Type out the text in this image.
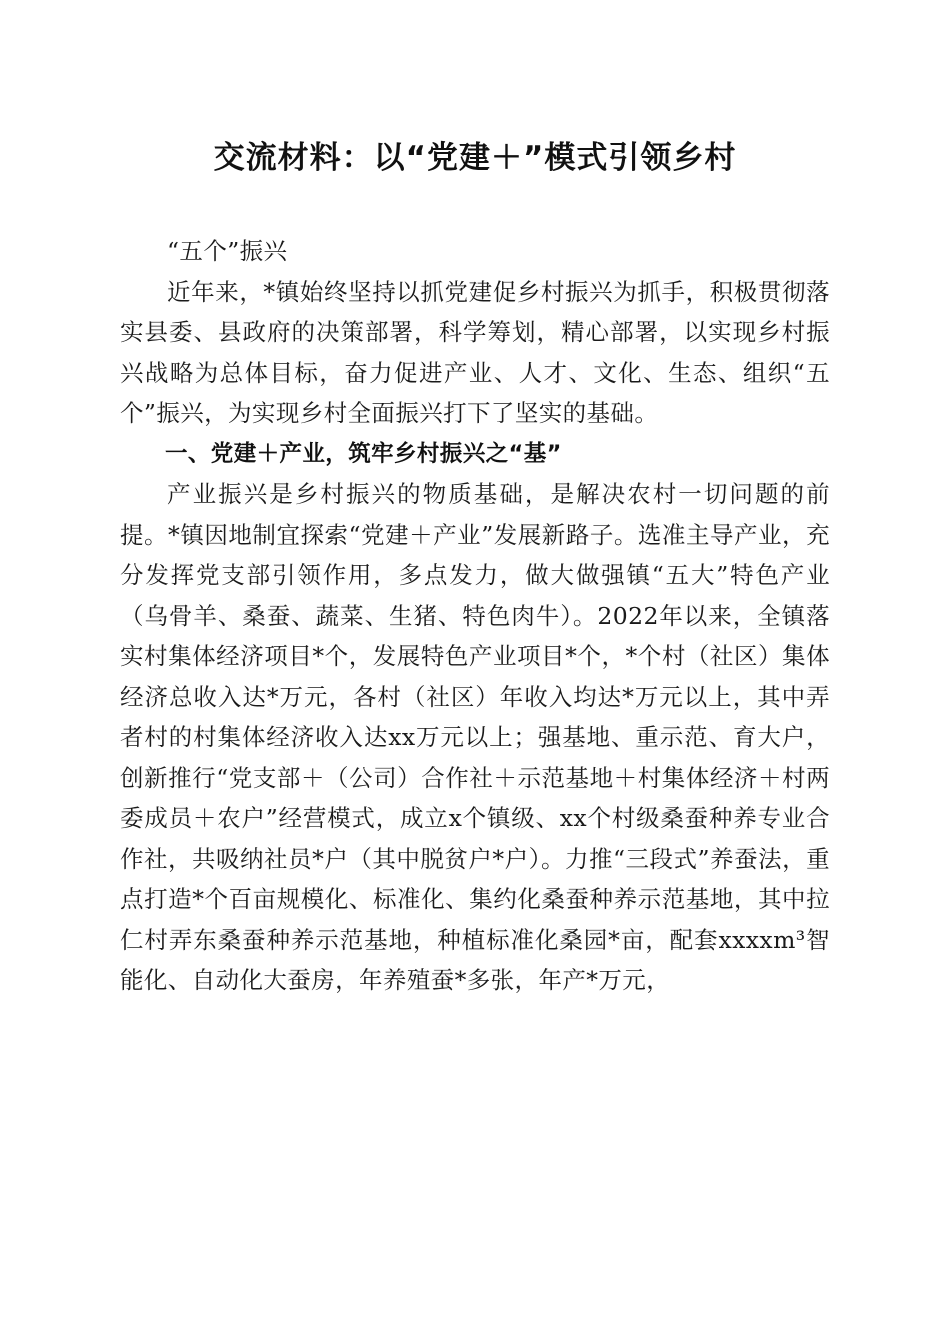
交流材料：以“党建＋”模式引领乡村

“五个”振兴

近年来，*镇始终坚持以抓党建促乡村振兴为抓手，积极贯彻落实县委、县政府的决策部署，科学筹划，精心部署，以实现乡村振兴战略为总体目标，奋力促进产业、人才、文化、生态、组织“五个”振兴，为实现乡村全面振兴打下了坚实的基础。

一、党建＋产业，筑牢乡村振兴之“基”

产业振兴是乡村振兴的物质基础，是解决农村一切问题的前提。*镇因地制宜探索“党建＋产业”发展新路子。选准主导产业，充分发挥党支部引领作用，多点发力，做大做强镇“五大”特色产业（乌骨羊、桑蚕、蔬菜、生猪、特色肉牛）。2022年以来，全镇落实村集体经济项目*个，发展特色产业项目*个，*个村（社区）集体经济总收入达*万元，各村（社区）年收入均达*万元以上，其中弄者村的村集体经济收入达xx万元以上；强基地、重示范、育大户，创新推行“党支部＋（公司）合作社＋示范基地＋村集体经济＋村两委成员＋农户”经营模式，成立x个镇级、xx个村级桑蚕种养专业合作社，共吸纳社员*户（其中脱贫户*户）。力推“三段式”养蚕法，重点打造*个百亩规模化、标准化、集约化桑蚕种养示范基地，其中拉仁村弄东桑蚕种养示范基地，种植标准化桑园*亩，配套xxxxm³智能化、自动化大蚕房，年养殖蚕*多张，年产*万元，
